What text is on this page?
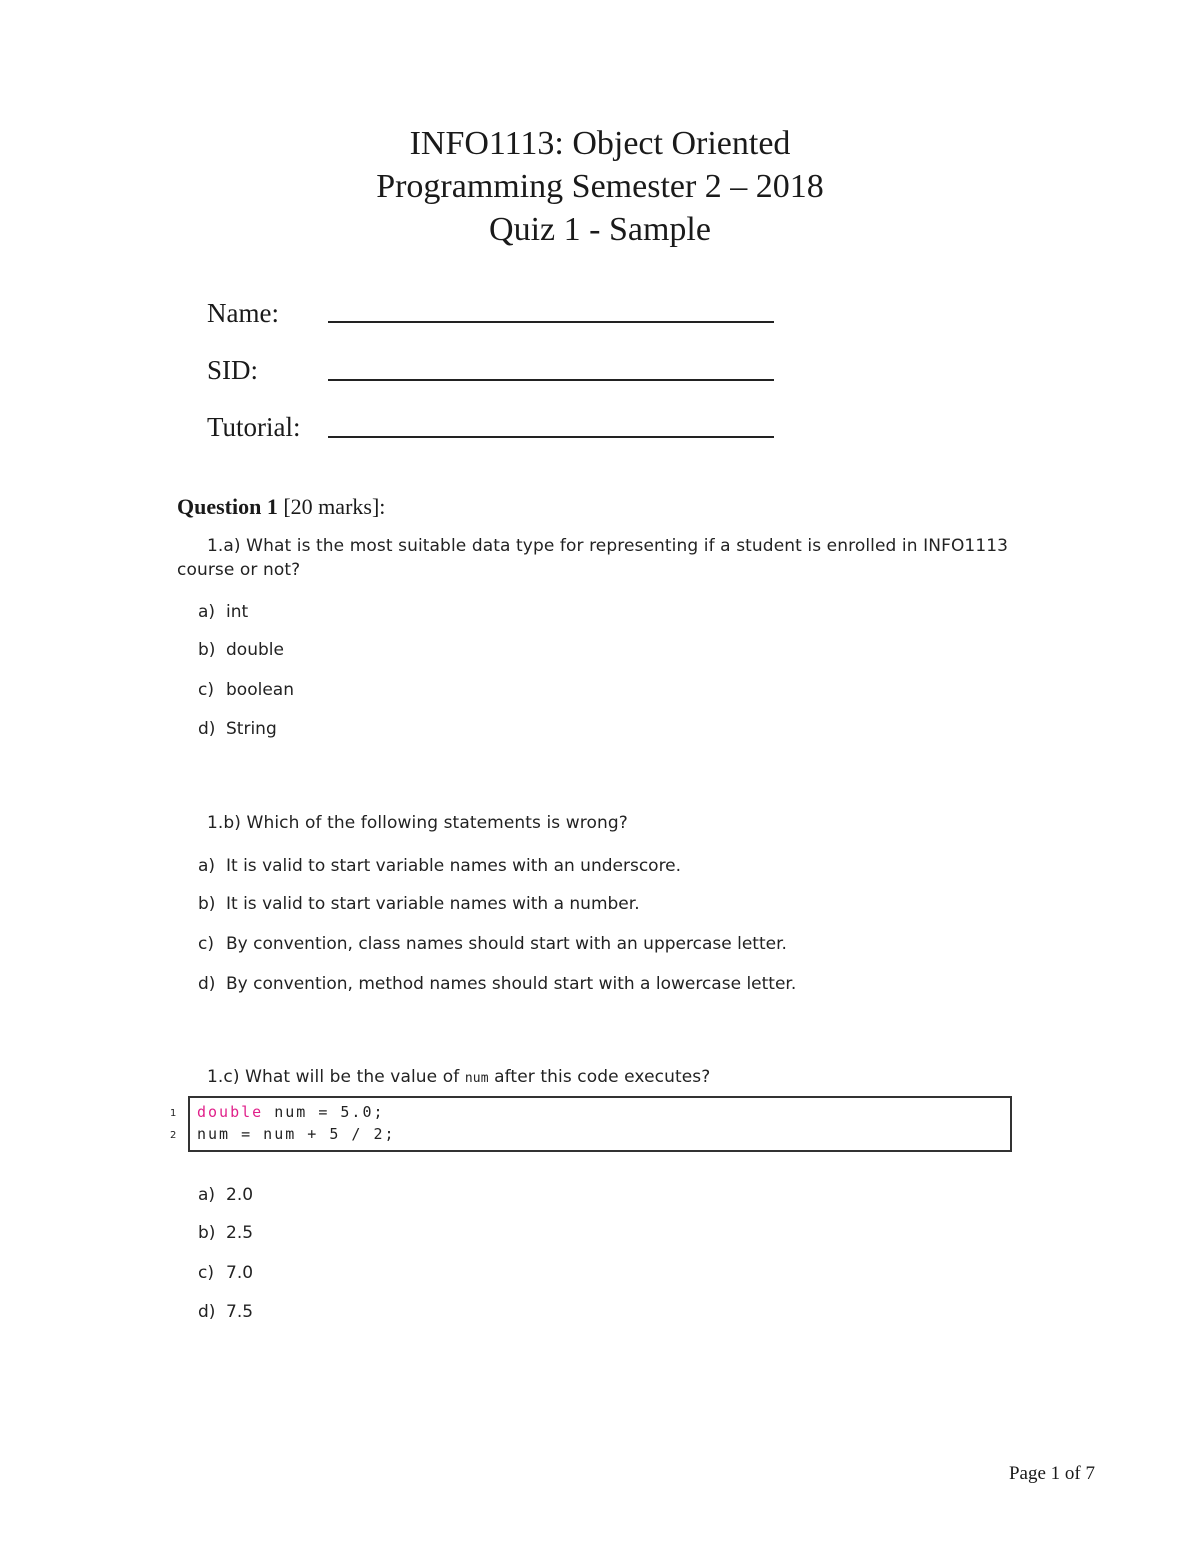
INFO1113: Object Oriented
Programming Semester 2 – 2018
Quiz 1 - Sample
Name:
SID:
Tutorial:
Question 1 [20 marks]:
1.a) What is the most suitable data type for representing if a student is enrolled in INFO1113
course or not?
a) int
b) double
c) boolean
d) String
1.b) Which of the following statements is wrong?
a) It is valid to start variable names with an underscore.
b) It is valid to start variable names with a number.
c) By convention, class names should start with an uppercase letter.
d) By convention, method names should start with a lowercase letter.
1.c) What will be the value of num after this code executes?
1
2
double num = 5.0;
num = num + 5 / 2;
a) 2.0
b) 2.5
c) 7.0
d) 7.5
Page 1 of 7
